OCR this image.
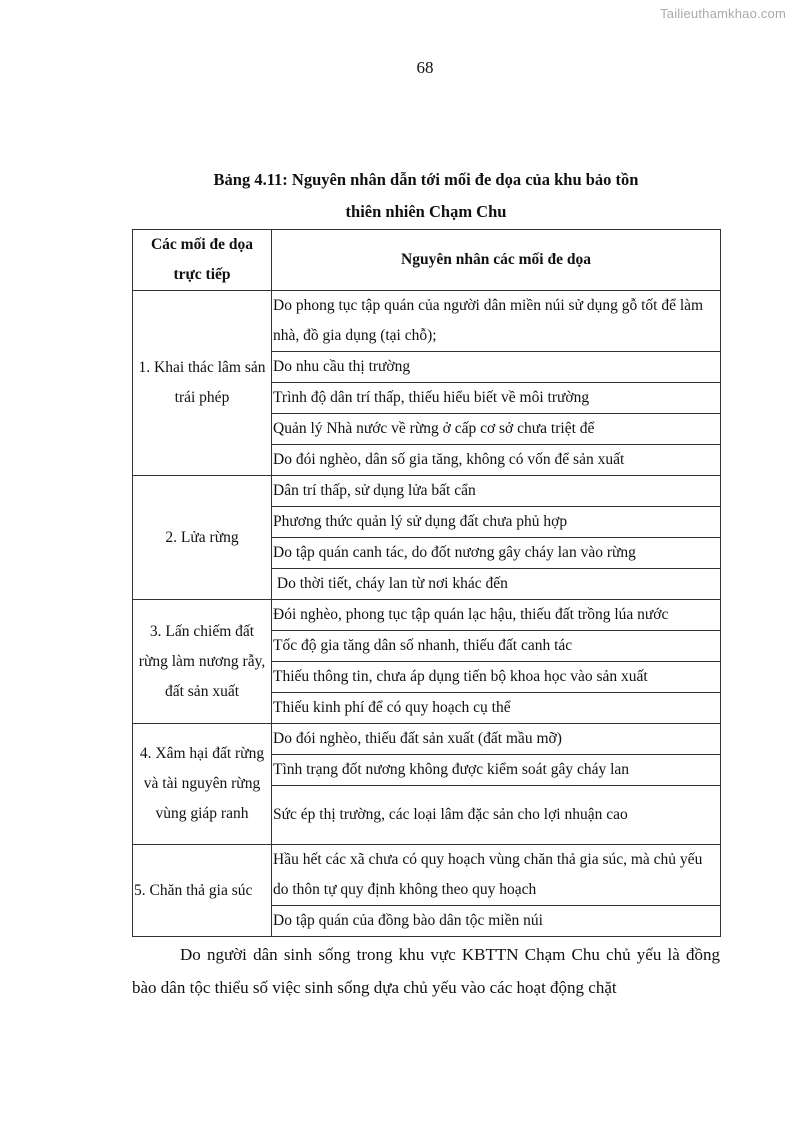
Tailieuthamkhao.com
68
Bảng 4.11: Nguyên nhân dẫn tới mối đe dọa của khu bảo tồn
thiên nhiên Chạm Chu
Các mối đe dọa trực tiếp	Nguyên nhân các mối đe dọa
1. Khai thác lâm sản trái phép	Do phong tục tập quán của người dân miền núi sử dụng gỗ tốt để làm nhà, đồ gia dụng (tại chỗ);
	Do nhu cầu thị trường
	Trình độ dân trí thấp, thiếu hiểu biết về môi trường
	Quản lý Nhà nước về rừng ở cấp cơ sở chưa triệt để
	Do đói nghèo, dân số gia tăng, không có vốn để sản xuất
2. Lửa rừng	Dân trí thấp, sử dụng lửa bất cẩn
	Phương thức quản lý sử dụng đất chưa phủ hợp
	Do tập quán canh tác, do đốt nương gây cháy lan vào rừng
	Do thời tiết, cháy lan từ nơi khác đến
3. Lấn chiếm đất rừng làm nương rẫy, đất sản xuất	Đói nghèo, phong tục tập quán lạc hậu, thiếu đất trồng lúa nước
	Tốc độ gia tăng dân số nhanh, thiếu đất canh tác
	Thiếu thông tin, chưa áp dụng tiến bộ khoa học vào sản xuất
	Thiếu kinh phí để có quy hoạch cụ thể
4. Xâm hại đất rừng và tài nguyên rừng vùng giáp ranh	Do đói nghèo, thiếu đất sản xuất (đất mầu mỡ)
	Tình trạng đốt nương không được kiểm soát gây cháy lan
	Sức ép thị trường, các loại lâm đặc sản cho lợi nhuận cao
5. Chăn thả gia súc	Hầu hết các xã chưa có quy hoạch vùng chăn thả gia súc, mà chủ yếu do thôn tự quy định không theo quy hoạch
	Do tập quán của đồng bào dân tộc miền núi

Do người dân sinh sống trong khu vực KBTTN Chạm Chu chủ yếu là đồng bào dân tộc thiểu số việc sinh sống dựa chủ yếu vào các hoạt động chặt
